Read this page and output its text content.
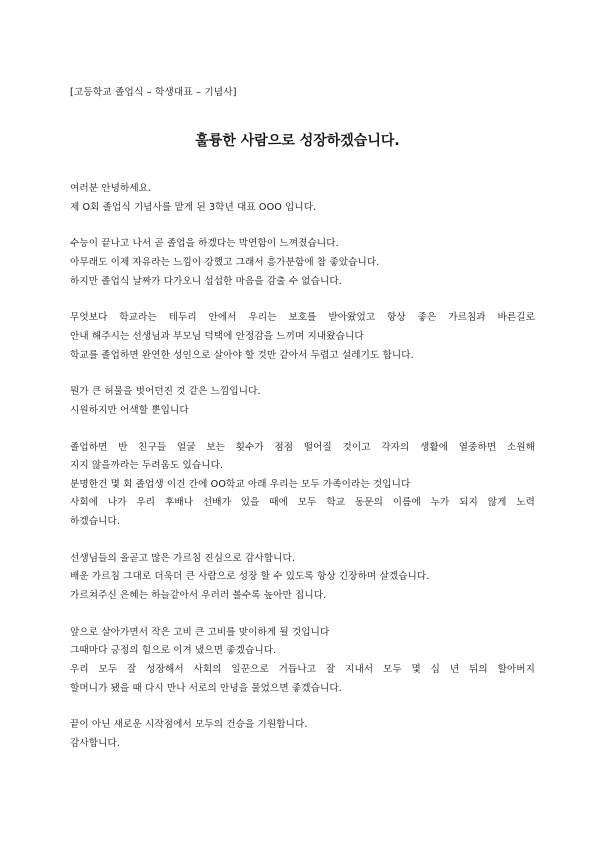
[고등학교 졸업식 – 학생대표 – 기념사]
훌륭한 사람으로 성장하겠습니다.
여러분 안녕하세요.
제 O회 졸업식 기념사를 맡게 된 3학년 대표 OOO 입니다.
수능이 끝나고 나서 곧 졸업을 하겠다는 막연함이 느껴졌습니다.
아무래도 이제 자유라는 느낌이 강했고 그래서 흥가분함에 참 좋았습니다.
하지만 졸업식 날짜가 다가오니 섭섭한 마음을 감출 수 없습니다.
무엇보다 학교라는 테두리 안에서 우리는 보호를 받아왔었고 항상 좋은 가르침과 바른길로
안내 해주시는 선생님과 부모님 덕택에 안정감을 느끼며 지내왔습니다
학교를 졸업하면 완연한 성인으로 살아야 할 것만 같아서 두렵고 설레기도 합니다.
뭔가 큰 허물을 벗어던진 것 같은 느낌입니다.
시원하지만 어색할 뿐입니다
졸업하면 반 친구들 얼굴 보는 횟수가 점점 떨어질 것이고 각자의 생활에 열중하면 소원해
지지 않을까라는 두려움도 있습니다.
분명한건 몇 회 졸업생 이건 간에 OO학교 아래 우리는 모두 가족이라는 것입니다
사회에 나가 우리 후배나 선배가 있을 때에 모두 학교 동문의 이름에 누가 되지 않게 노력
하겠습니다.
선생님들의 올곧고 많은 가르침 진심으로 감사합니다.
배운 가르침 그대로 더욱더 큰 사람으로 성장 할 수 있도록 항상 긴장하며 살겠습니다.
가르쳐주신 은혜는 하늘같아서 우러러 볼수록 높아만 집니다.
앞으로 살아가면서 작은 고비 큰 고비를 맞이하게 될 것입니다
그때마다 긍정의 힘으로 이겨 냈으면 좋겠습니다.
우리 모두 잘 성장해서 사회의 일꾼으로 거듭나고 잘 지내서 모두 몇 십 년 뒤의 할아버지
할머니가 됐을 때 다시 만나 서로의 안녕을 물었으면 좋겠습니다.
끝이 아닌 새로운 시작점에서 모두의 건승을 기원합니다.
감사합니다.
